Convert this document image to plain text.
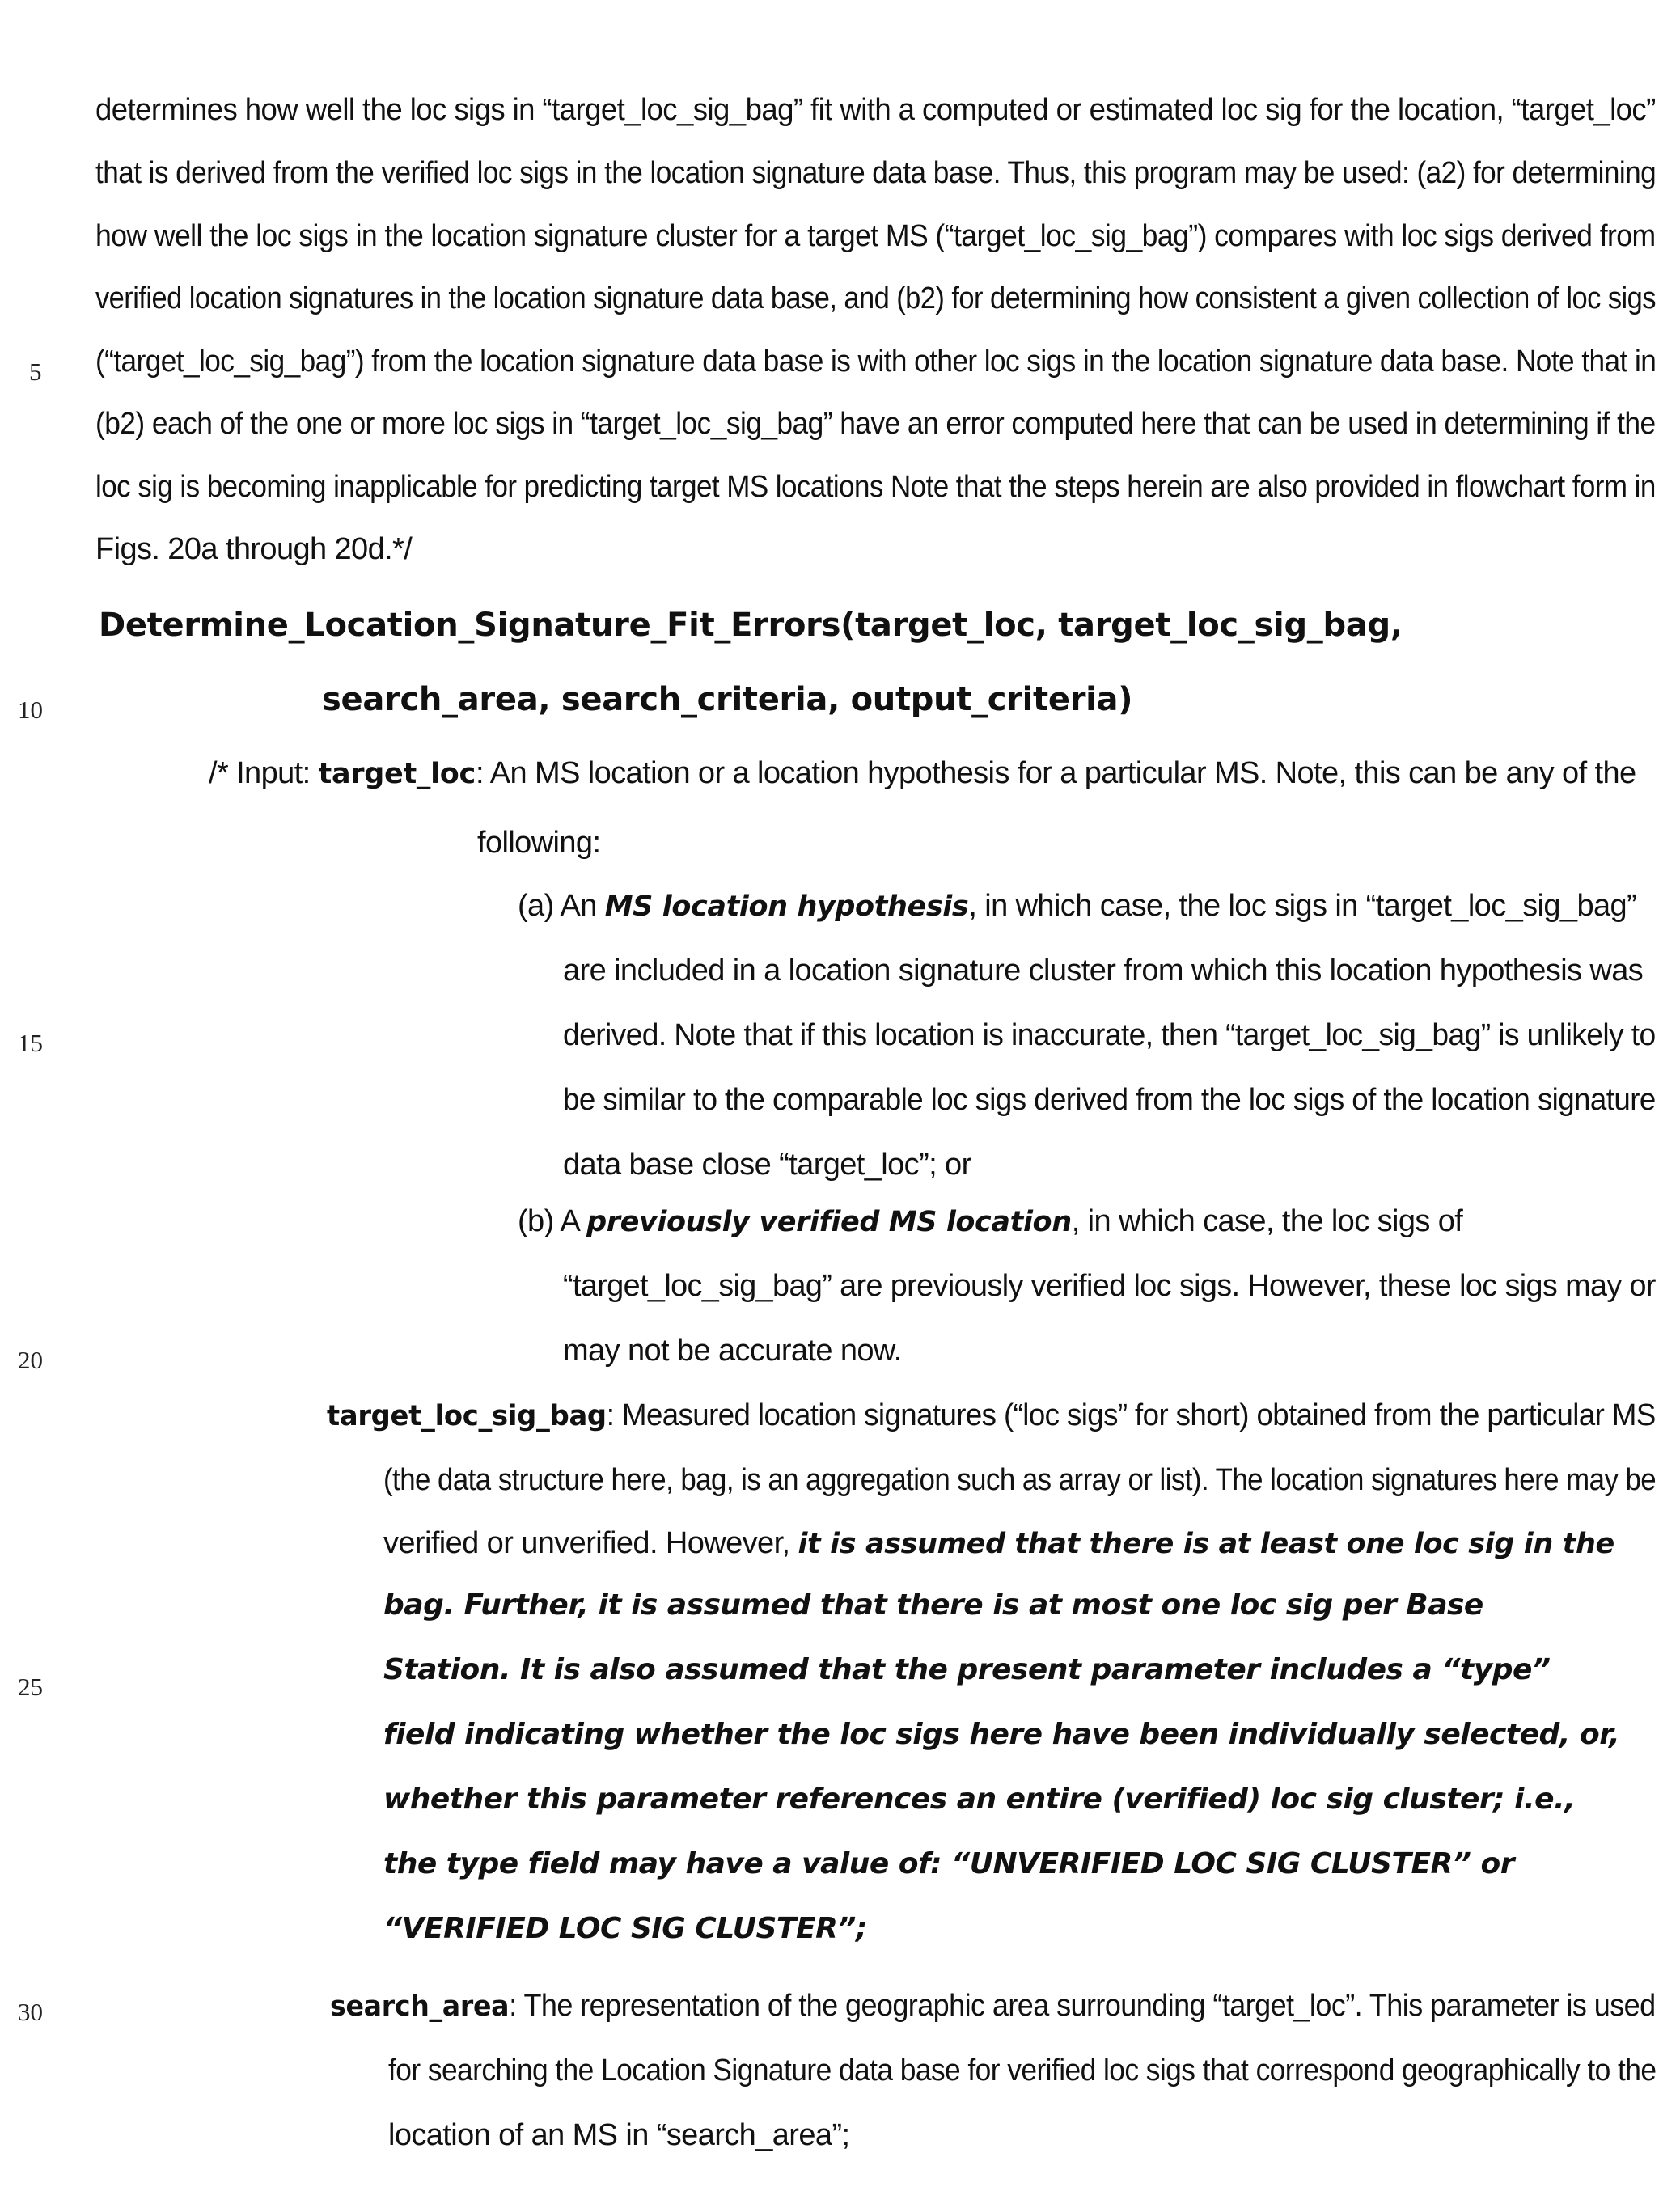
determines how well the loc sigs in “target_loc_sig_bag” fit with a computed or estimated loc sig for the location, “target_loc”
that is derived from the verified loc sigs in the location signature data base. Thus, this program may be used: (a2) for determining
how well the loc sigs in the location signature cluster for a target MS (“target_loc_sig_bag”) compares with loc sigs derived from
verified location signatures in the location signature data base, and (b2) for determining how consistent a given collection of loc sigs
(“target_loc_sig_bag”) from the location signature data base is with other loc sigs in the location signature data base. Note that in
(b2) each of the one or more loc sigs in “target_loc_sig_bag” have an error computed here that can be used in determining if the
loc sig is becoming inapplicable for predicting target MS locations Note that the steps herein are also provided in flowchart form in
Figs. 20a through 20d.*/
Determine_Location_Signature_Fit_Errors(target_loc, target_loc_sig_bag,
search_area, search_criteria, output_criteria)
/* Input: target_loc: An MS location or a location hypothesis for a particular MS. Note, this can be any of the
following:
(a) An MS location hypothesis, in which case, the loc sigs in “target_loc_sig_bag”
are included in a location signature cluster from which this location hypothesis was
derived. Note that if this location is inaccurate, then “target_loc_sig_bag” is unlikely to
be similar to the comparable loc sigs derived from the loc sigs of the location signature
data base close “target_loc”; or
(b) A previously verified MS location, in which case, the loc sigs of
“target_loc_sig_bag” are previously verified loc sigs. However, these loc sigs may or
may not be accurate now.
target_loc_sig_bag: Measured location signatures (“loc sigs” for short) obtained from the particular MS
(the data structure here, bag, is an aggregation such as array or list). The location signatures here may be
verified or unverified. However, it is assumed that there is at least one loc sig in the
bag. Further, it is assumed that there is at most one loc sig per Base
Station. It is also assumed that the present parameter includes a “type”
field indicating whether the loc sigs here have been individually selected, or,
whether this parameter references an entire (verified) loc sig cluster; i.e.,
the type field may have a value of: “UNVERIFIED LOC SIG CLUSTER” or
“VERIFIED LOC SIG CLUSTER”;
search_area: The representation of the geographic area surrounding “target_loc”. This parameter is used
for searching the Location Signature data base for verified loc sigs that correspond geographically to the
location of an MS in “search_area”;
5
10
15
20
25
30
